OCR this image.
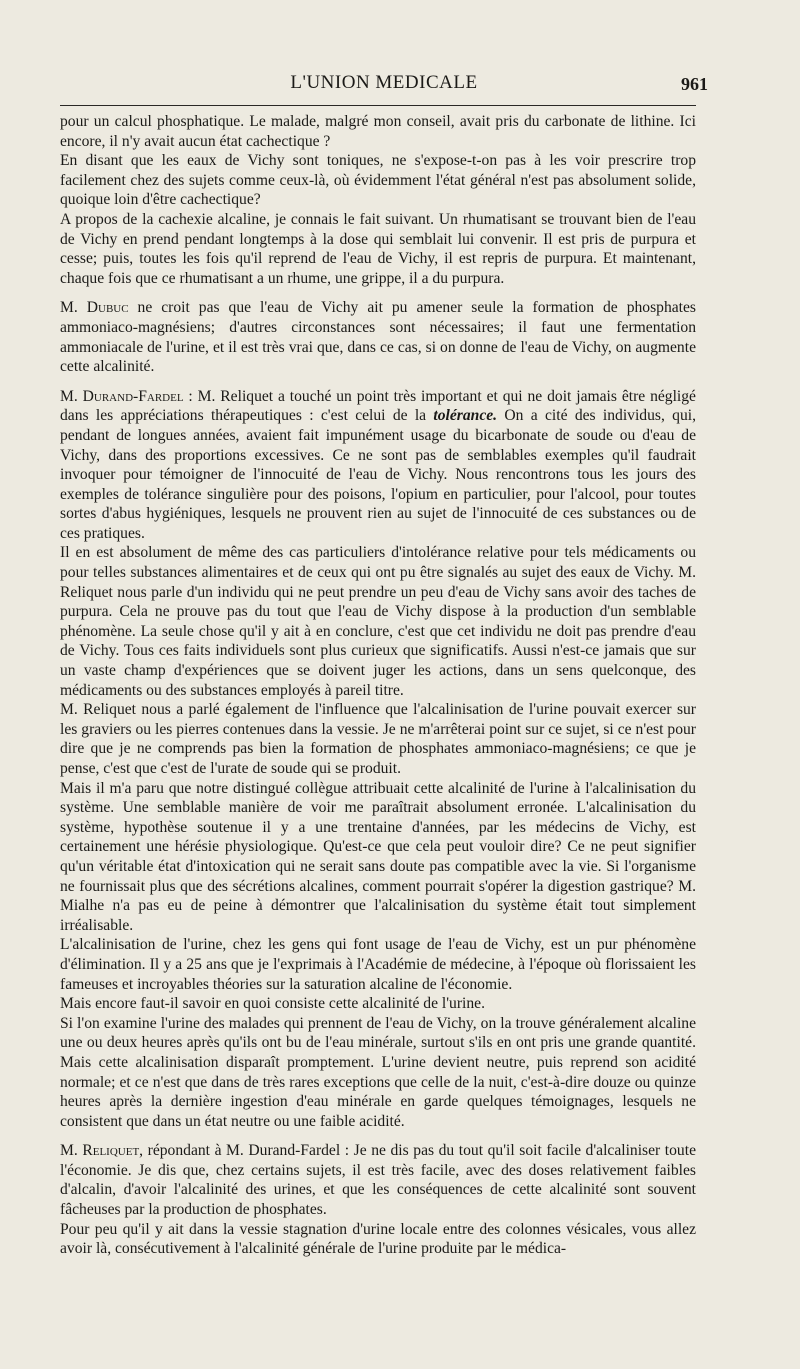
L'UNION MEDICALE	961

pour un calcul phosphatique. Le malade, malgré mon conseil, avait pris du carbonate de lithine. Ici encore, il n'y avait aucun état cachectique ?

En disant que les eaux de Vichy sont toniques, ne s'expose-t-on pas à les voir prescrire trop facilement chez des sujets comme ceux-là, où évidemment l'état général n'est pas absolument solide, quoique loin d'être cachectique?

A propos de la cachexie alcaline, je connais le fait suivant. Un rhumatisant se trouvant bien de l'eau de Vichy en prend pendant longtemps à la dose qui semblait lui convenir. Il est pris de purpura et cesse; puis, toutes les fois qu'il reprend de l'eau de Vichy, il est repris de purpura. Et maintenant, chaque fois que ce rhumatisant a un rhume, une grippe, il a du purpura.

M. Dubuc ne croit pas que l'eau de Vichy ait pu amener seule la formation de phosphates ammoniaco-magnésiens; d'autres circonstances sont nécessaires; il faut une fermentation ammoniacale de l'urine, et il est très vrai que, dans ce cas, si on donne de l'eau de Vichy, on augmente cette alcalinité.

M. Durand-Fardel : M. Reliquet a touché un point très important et qui ne doit jamais être négligé dans les appréciations thérapeutiques : c'est celui de la tolérance. On a cité des individus, qui, pendant de longues années, avaient fait impunément usage du bicarbonate de soude ou d'eau de Vichy, dans des proportions excessives. Ce ne sont pas de semblables exemples qu'il faudrait invoquer pour témoigner de l'innocuité de l'eau de Vichy. Nous rencontrons tous les jours des exemples de tolérance singulière pour des poisons, l'opium en particulier, pour l'alcool, pour toutes sortes d'abus hygiéniques, lesquels ne prouvent rien au sujet de l'innocuité de ces substances ou de ces pratiques.

Il en est absolument de même des cas particuliers d'intolérance relative pour tels médicaments ou pour telles substances alimentaires et de ceux qui ont pu être signalés au sujet des eaux de Vichy. M. Reliquet nous parle d'un individu qui ne peut prendre un peu d'eau de Vichy sans avoir des taches de purpura. Cela ne prouve pas du tout que l'eau de Vichy dispose à la production d'un semblable phénomène. La seule chose qu'il y ait à en conclure, c'est que cet individu ne doit pas prendre d'eau de Vichy. Tous ces faits individuels sont plus curieux que significatifs. Aussi n'est-ce jamais que sur un vaste champ d'expériences que se doivent juger les actions, dans un sens quelconque, des médicaments ou des substances employés à pareil titre.

M. Reliquet nous a parlé également de l'influence que l'alcalinisation de l'urine pouvait exercer sur les graviers ou les pierres contenues dans la vessie. Je ne m'arrêterai point sur ce sujet, si ce n'est pour dire que je ne comprends pas bien la formation de phosphates ammoniaco-magnésiens; ce que je pense, c'est que c'est de l'urate de soude qui se produit.

Mais il m'a paru que notre distingué collègue attribuait cette alcalinité de l'urine à l'alcalinisation du système. Une semblable manière de voir me paraîtrait absolument erronée. L'alcalinisation du système, hypothèse soutenue il y a une trentaine d'années, par les médecins de Vichy, est certainement une hérésie physiologique. Qu'est-ce que cela peut vouloir dire? Ce ne peut signifier qu'un véritable état d'intoxication qui ne serait sans doute pas compatible avec la vie. Si l'organisme ne fournissait plus que des sécrétions alcalines, comment pourrait s'opérer la digestion gastrique? M. Mialhe n'a pas eu de peine à démontrer que l'alcalinisation du système était tout simplement irréalisable.

L'alcalinisation de l'urine, chez les gens qui font usage de l'eau de Vichy, est un pur phénomène d'élimination. Il y a 25 ans que je l'exprimais à l'Académie de médecine, à l'époque où florissaient les fameuses et incroyables théories sur la saturation alcaline de l'économie.

Mais encore faut-il savoir en quoi consiste cette alcalinité de l'urine.

Si l'on examine l'urine des malades qui prennent de l'eau de Vichy, on la trouve généralement alcaline une ou deux heures après qu'ils ont bu de l'eau minérale, surtout s'ils en ont pris une grande quantité. Mais cette alcalinisation disparaît promptement. L'urine devient neutre, puis reprend son acidité normale; et ce n'est que dans de très rares exceptions que celle de la nuit, c'est-à-dire douze ou quinze heures après la dernière ingestion d'eau minérale en garde quelques témoignages, lesquels ne consistent que dans un état neutre ou une faible acidité.

M. Reliquet, répondant à M. Durand-Fardel : Je ne dis pas du tout qu'il soit facile d'alcaliniser toute l'économie. Je dis que, chez certains sujets, il est très facile, avec des doses relativement faibles d'alcalin, d'avoir l'alcalinité des urines, et que les conséquences de cette alcalinité sont souvent fâcheuses par la production de phosphates.

Pour peu qu'il y ait dans la vessie stagnation d'urine locale entre des colonnes vésicales, vous allez avoir là, consécutivement à l'alcalinité générale de l'urine produite par le médica-
